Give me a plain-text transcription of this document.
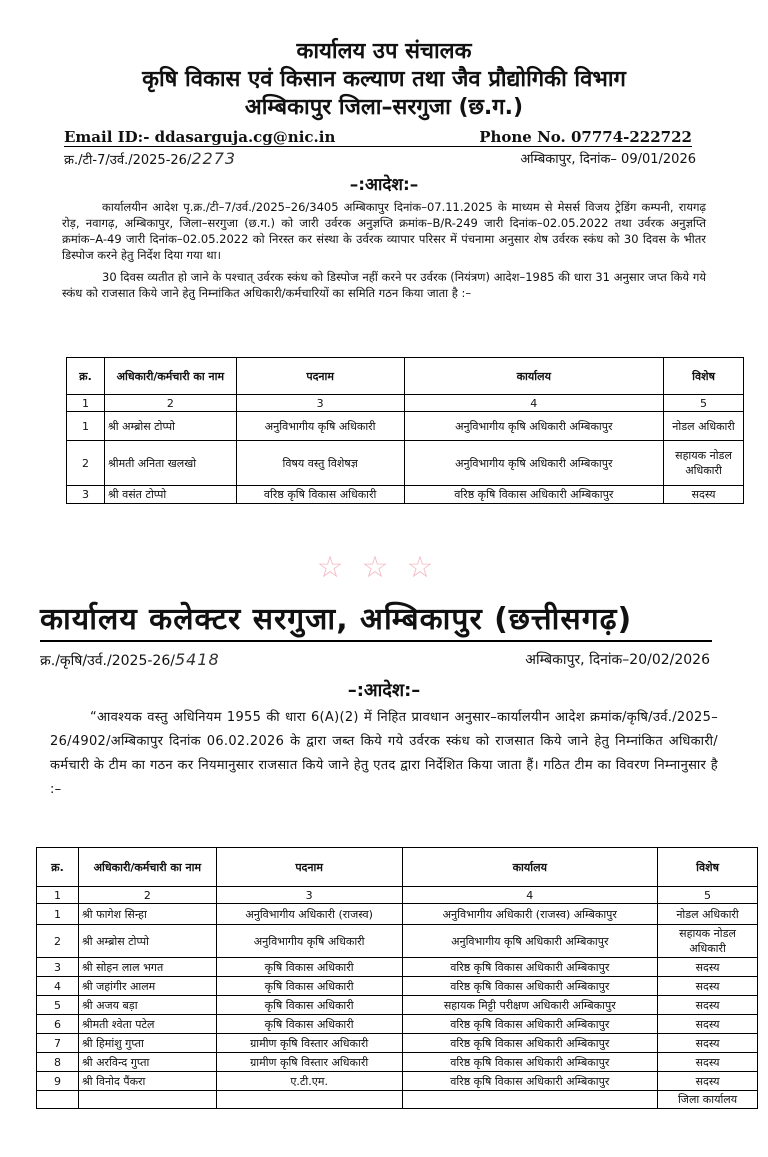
कार्यालय उप संचालक
कृषि विकास एवं किसान कल्याण तथा जैव प्रौद्योगिकी विभाग
अम्बिकापुर जिला–सरगुजा (छ.ग.)
Email ID:- ddasarguja.cg@nic.in	Phone No. 07774-222722
क्र./टी-7/उर्व./2025-26/2273	अम्बिकापुर, दिनांक– 09/01/2026
–:आदेश:–
कार्यालयीन आदेश पृ.क्र./टी–7/उर्व./2025–26/3405 अम्बिकापुर दिनांक–07.11.2025 के माध्यम से मेसर्स विजय ट्रेडिंग कम्पनी, रायगढ़ रोड़, नवागढ़, अम्बिकापुर, जिला–सरगुजा (छ.ग.) को जारी उर्वरक अनुज्ञप्ति क्रमांक–B/R-249 जारी दिनांक–02.05.2022 तथा उर्वरक अनुज्ञप्ति क्रमांक–A-49 जारी दिनांक–02.05.2022 को निरस्त कर संस्था के उर्वरक व्यापार परिसर में पंचनामा अनुसार शेष उर्वरक स्कंध को 30 दिवस के भीतर डिस्पोज करने हेतु निर्देश दिया गया था।
30 दिवस व्यतीत हो जाने के पश्चात् उर्वरक स्कंध को डिस्पोज नहीं करने पर उर्वरक (नियंत्रण) आदेश–1985 की धारा 31 अनुसार जप्त किये गये स्कंध को राजसात किये जाने हेतु निम्नांकित अधिकारी/कर्मचारियों का समिति गठन किया जाता है :–
क्र.	अधिकारी/कर्मचारी का नाम	पदनाम	कार्यालय	विशेष
1	2	3	4	5
1	श्री अम्ब्रोस टोप्पो	अनुविभागीय कृषि अधिकारी	अनुविभागीय कृषि अधिकारी अम्बिकापुर	नोडल अधिकारी
2	श्रीमती अनिता खलखो	विषय वस्तु विशेषज्ञ	अनुविभागीय कृषि अधिकारी अम्बिकापुर	सहायक नोडल अधिकारी
3	श्री वसंत टोप्पो	वरिष्ठ कृषि विकास अधिकारी	वरिष्ठ कृषि विकास अधिकारी अम्बिकापुर	सदस्य
☆☆☆
कार्यालय कलेक्टर सरगुजा, अम्बिकापुर (छत्तीसगढ़)
क्र./कृषि/उर्व./2025-26/5418	अम्बिकापुर, दिनांक–20/02/2026
–:आदेश:–
“आवश्यक वस्तु अधिनियम 1955 की धारा 6(A)(2) में निहित प्रावधान अनुसार–कार्यालयीन आदेश क्रमांक/कृषि/उर्व./2025–26/4902/अम्बिकापुर दिनांक 06.02.2026 के द्वारा जब्त किये गये उर्वरक स्कंध को राजसात किये जाने हेतु निम्नांकित अधिकारी/कर्मचारी के टीम का गठन कर नियमानुसार राजसात किये जाने हेतु एतद द्वारा निर्देशित किया जाता हैं। गठित टीम का विवरण निम्नानुसार है :–
क्र.	अधिकारी/कर्मचारी का नाम	पदनाम	कार्यालय	विशेष
1	2	3	4	5
1	श्री फागेश सिन्हा	अनुविभागीय अधिकारी (राजस्व)	अनुविभागीय अधिकारी (राजस्व) अम्बिकापुर	नोडल अधिकारी
2	श्री अम्ब्रोस टोप्पो	अनुविभागीय कृषि अधिकारी	अनुविभागीय कृषि अधिकारी अम्बिकापुर	सहायक नोडल अधिकारी
3	श्री सोहन लाल भगत	कृषि विकास अधिकारी	वरिष्ठ कृषि विकास अधिकारी अम्बिकापुर	सदस्य
4	श्री जहांगीर आलम	कृषि विकास अधिकारी	वरिष्ठ कृषि विकास अधिकारी अम्बिकापुर	सदस्य
5	श्री अजय बड़ा	कृषि विकास अधिकारी	सहायक मिट्टी परीक्षण अधिकारी अम्बिकापुर	सदस्य
6	श्रीमती श्वेता पटेल	कृषि विकास अधिकारी	वरिष्ठ कृषि विकास अधिकारी अम्बिकापुर	सदस्य
7	श्री हिमांशु गुप्ता	ग्रामीण कृषि विस्तार अधिकारी	वरिष्ठ कृषि विकास अधिकारी अम्बिकापुर	सदस्य
8	श्री अरविन्द गुप्ता	ग्रामीण कृषि विस्तार अधिकारी	वरिष्ठ कृषि विकास अधिकारी अम्बिकापुर	सदस्य
9	श्री विनोद पैंकरा	ए.टी.एम.	वरिष्ठ कृषि विकास अधिकारी अम्बिकापुर	सदस्य
				जिला कार्यालय
